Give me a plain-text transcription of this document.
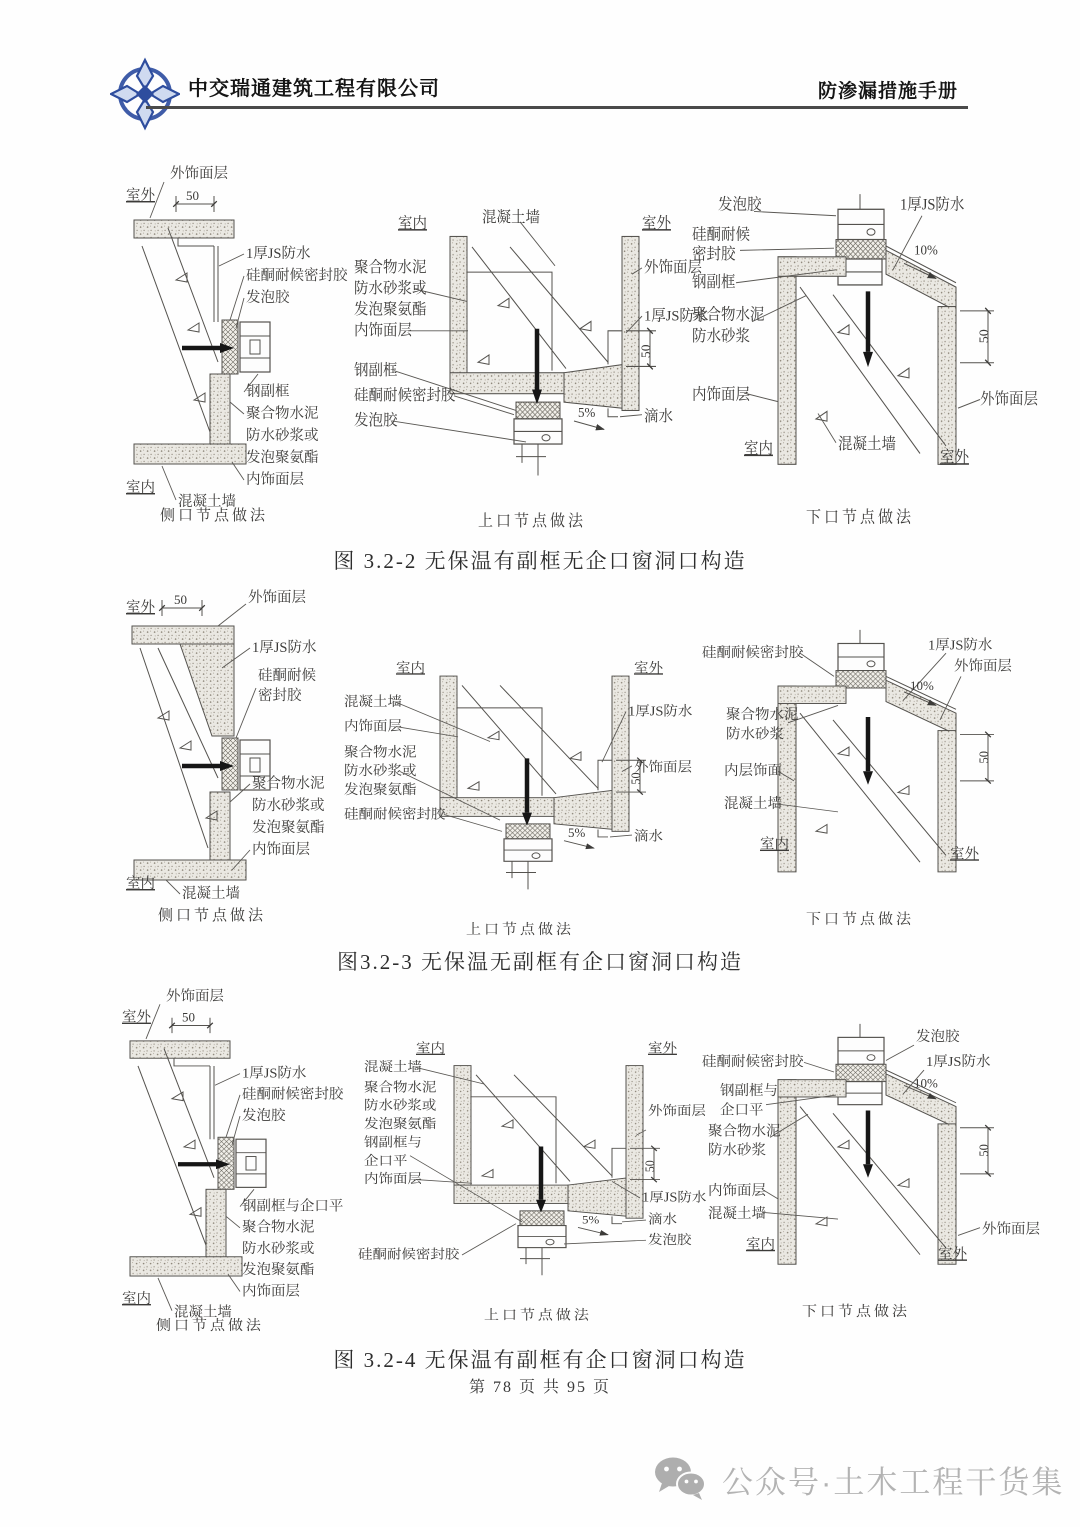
中交瑞通建筑工程有限公司	防渗漏措施手册
外饰面层
室外 50
1厚JS防水
硅酮耐候密封胶
发泡胶
钢副框
聚合物水泥
防水砂浆或
发泡聚氨酯
内饰面层
室内
混凝土墙
侧口节点做法
室内	混凝土墙	室外
聚合物水泥
防水砂浆或
发泡聚氨酯
内饰面层
钢副框
硅酮耐候密封胶
发泡胶
外饰面层
1厚JS防水
50
5%	滴水
上口节点做法
发泡胶	1厚JS防水
硅酮耐候
密封胶	10%
钢副框
聚合物水泥
防水砂浆	50
内饰面层	外饰面层
室内	混凝土墙
室外
下口节点做法
图 3.2-2 无保温有副框无企口窗洞口构造
室外
50	外饰面层
1厚JS防水
硅酮耐候
密封胶
聚合物水泥
防水砂浆或
发泡聚氨酯
内饰面层
室内
混凝土墙
侧口节点做法
室内	室外
混凝土墙
内饰面层
聚合物水泥
防水砂浆或
发泡聚氨酯
硅酮耐候密封胶
1厚JS防水
50
外饰面层
5%	滴水
上口节点做法
硅酮耐候密封胶	1厚JS防水
外饰面层
10%
聚合物水泥
防水砂浆
内层饰面
混凝土墙
室内
室外
50
下口节点做法
图3.2-3 无保温无副框有企口窗洞口构造
外饰面层
室外 50
1厚JS防水
硅酮耐候密封胶
发泡胶
钢副框与企口平
聚合物水泥
防水砂浆或
发泡聚氨酯
内饰面层
室内
混凝土墙
侧口节点做法
室内	室外
混凝土墙
聚合物水泥
防水砂浆或
发泡聚氨酯
钢副框与
企口平
内饰面层
硅酮耐候密封胶
外饰面层
50
1厚JS防水
5%	滴水
发泡胶
上口节点做法
发泡胶
硅酮耐候密封胶	1厚JS防水
10%
钢副框与
企口平
聚合物水泥
防水砂浆	50
内饰面层
混凝土墙
室内
室外
外饰面层
下口节点做法
图 3.2-4 无保温有副框有企口窗洞口构造
第 78 页 共 95 页
公众号·土木工程干货集
